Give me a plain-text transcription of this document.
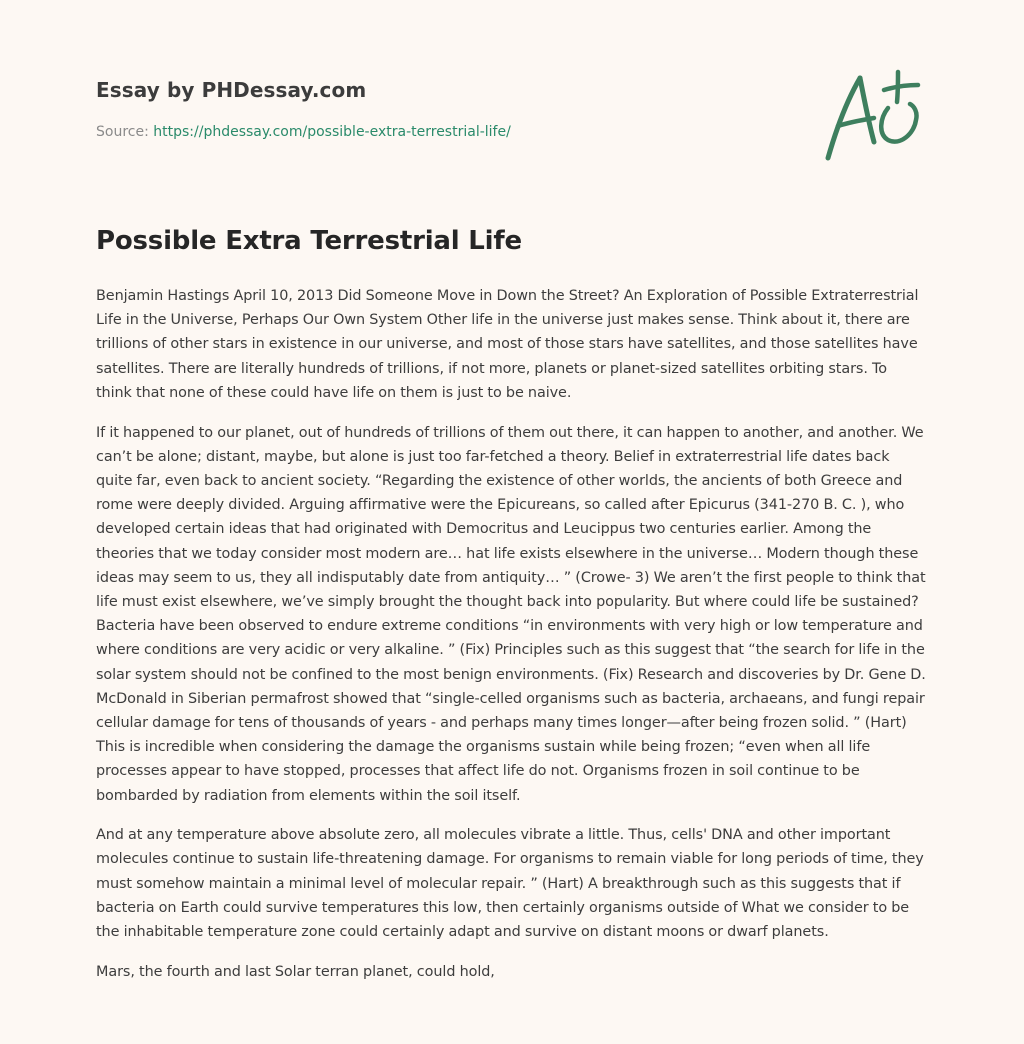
Essay by PHDessay.com
Source: https://phdessay.com/possible-extra-terrestrial-life/
Possible Extra Terrestrial Life

Benjamin Hastings April 10, 2013 Did Someone Move in Down the Street? An Exploration of Possible Extraterrestrial Life in the Universe, Perhaps Our Own System Other life in the universe just makes sense. Think about it, there are trillions of other stars in existence in our universe, and most of those stars have satellites, and those satellites have satellites. There are literally hundreds of trillions, if not more, planets or planet-sized satellites orbiting stars. To think that none of these could have life on them is just to be naive.

If it happened to our planet, out of hundreds of trillions of them out there, it can happen to another, and another. We can’t be alone; distant, maybe, but alone is just too far-fetched a theory. Belief in extraterrestrial life dates back quite far, even back to ancient society. “Regarding the existence of other worlds, the ancients of both Greece and rome were deeply divided. Arguing affirmative were the Epicureans, so called after Epicurus (341-270 B. C. ), who developed certain ideas that had originated with Democritus and Leucippus two centuries earlier. Among the theories that we today consider most modern are… hat life exists elsewhere in the universe… Modern though these ideas may seem to us, they all indisputably date from antiquity… ” (Crowe- 3) We aren’t the first people to think that life must exist elsewhere, we’ve simply brought the thought back into popularity. But where could life be sustained? Bacteria have been observed to endure extreme conditions “in environments with very high or low temperature and where conditions are very acidic or very alkaline. ” (Fix) Principles such as this suggest that “the search for life in the solar system should not be confined to the most benign environments. (Fix) Research and discoveries by Dr. Gene D. McDonald in Siberian permafrost showed that “single-celled organisms such as bacteria, archaeans, and fungi repair cellular damage for tens of thousands of years - and perhaps many times longer—after being frozen solid. ” (Hart) This is incredible when considering the damage the organisms sustain while being frozen; “even when all life processes appear to have stopped, processes that affect life do not. Organisms frozen in soil continue to be bombarded by radiation from elements within the soil itself.

And at any temperature above absolute zero, all molecules vibrate a little. Thus, cells' DNA and other important molecules continue to sustain life-threatening damage. For organisms to remain viable for long periods of time, they must somehow maintain a minimal level of molecular repair. ” (Hart) A breakthrough such as this suggests that if bacteria on Earth could survive temperatures this low, then certainly organisms outside of What we consider to be the inhabitable temperature zone could certainly adapt and survive on distant moons or dwarf planets.

Mars, the fourth and last Solar terran planet, could hold,
